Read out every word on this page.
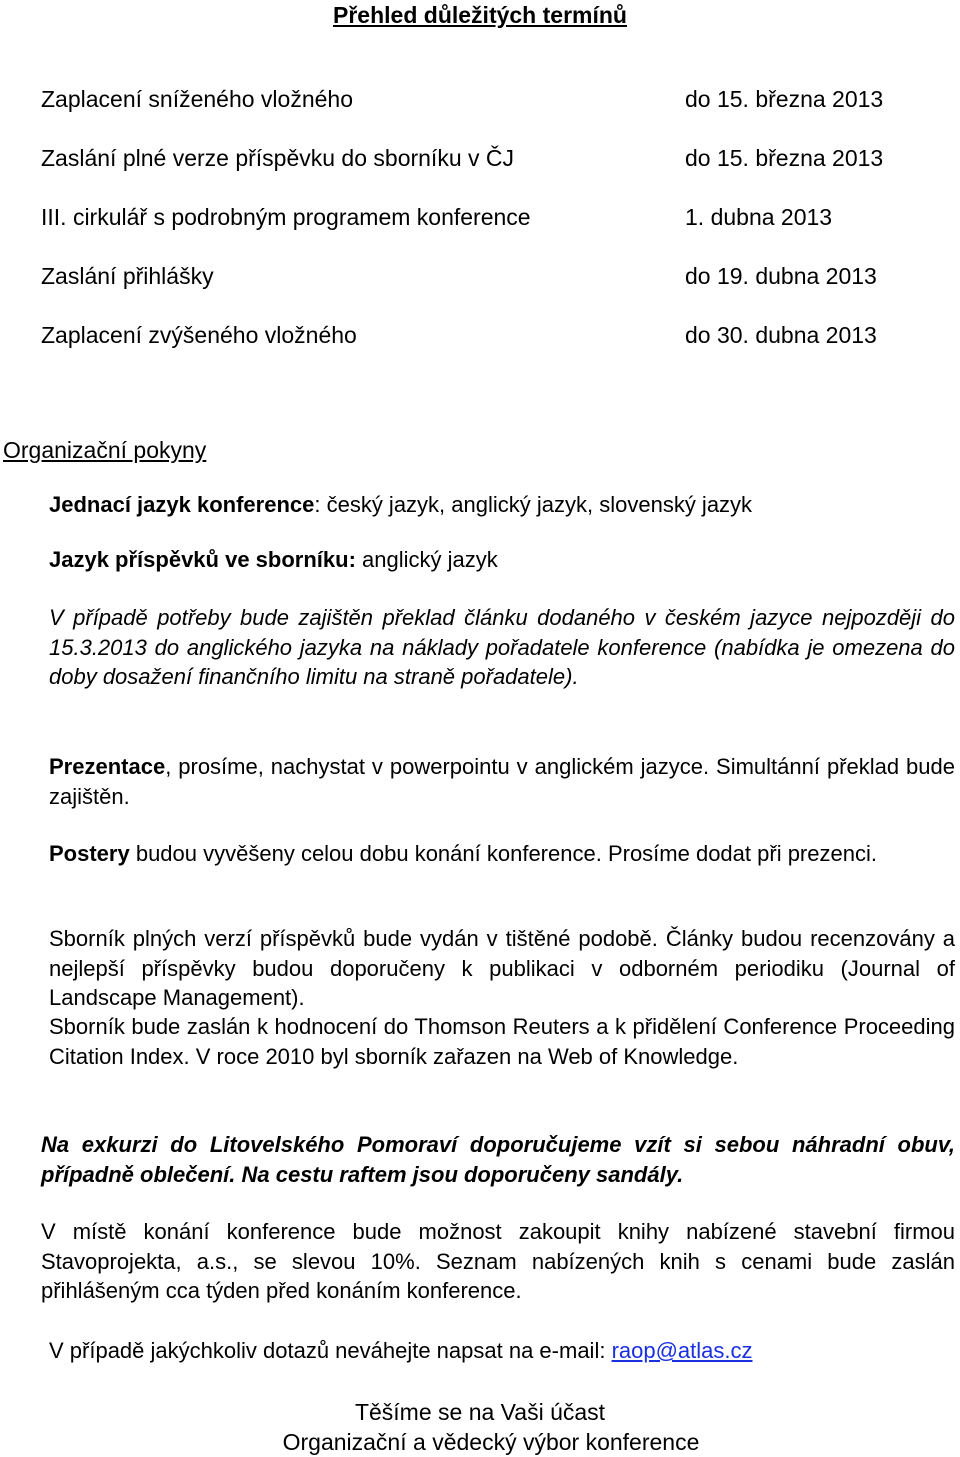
Přehled důležitých termínů
Zaplacení sníženého vložného	do 15. března 2013
Zaslání plné verze příspěvku do sborníku v ČJ	do 15. března 2013
III. cirkulář s podrobným programem konference	1. dubna 2013
Zaslání přihlášky	do 19. dubna 2013
Zaplacení zvýšeného vložného	do 30. dubna 2013
Organizační pokyny
Jednací jazyk konference: český jazyk, anglický jazyk, slovenský jazyk
Jazyk příspěvků ve sborníku: anglický jazyk
V případě potřeby bude zajištěn překlad článku dodaného v českém jazyce nejpozději do 15.3.2013 do anglického jazyka na náklady pořadatele konference (nabídka je omezena do doby dosažení finančního limitu na straně pořadatele).
Prezentace, prosíme, nachystat v powerpointu v anglickém jazyce. Simultánní překlad bude zajištěn.
Postery budou vyvěšeny celou dobu konání konference. Prosíme dodat při prezenci.
Sborník plných verzí příspěvků bude vydán v tištěné podobě. Články budou recenzovány a nejlepší příspěvky budou doporučeny k publikaci v odborném periodiku (Journal of Landscape Management).
Sborník bude zaslán k hodnocení do Thomson Reuters a k přidělení Conference Proceeding Citation Index. V roce 2010 byl sborník zařazen na Web of Knowledge.
Na exkurzi do Litovelského Pomoraví doporučujeme vzít si sebou náhradní obuv, případně oblečení. Na cestu raftem jsou doporučeny sandály.
V místě konání konference bude možnost zakoupit knihy nabízené stavební firmou Stavoprojekta, a.s., se slevou 10%. Seznam nabízených knih s cenami bude zaslán přihlášeným cca týden před konáním konference.
V případě jakýchkoliv dotazů neváhejte napsat na e-mail: raop@atlas.cz
Těšíme se na Vaši účast
Organizační a vědecký výbor konference
